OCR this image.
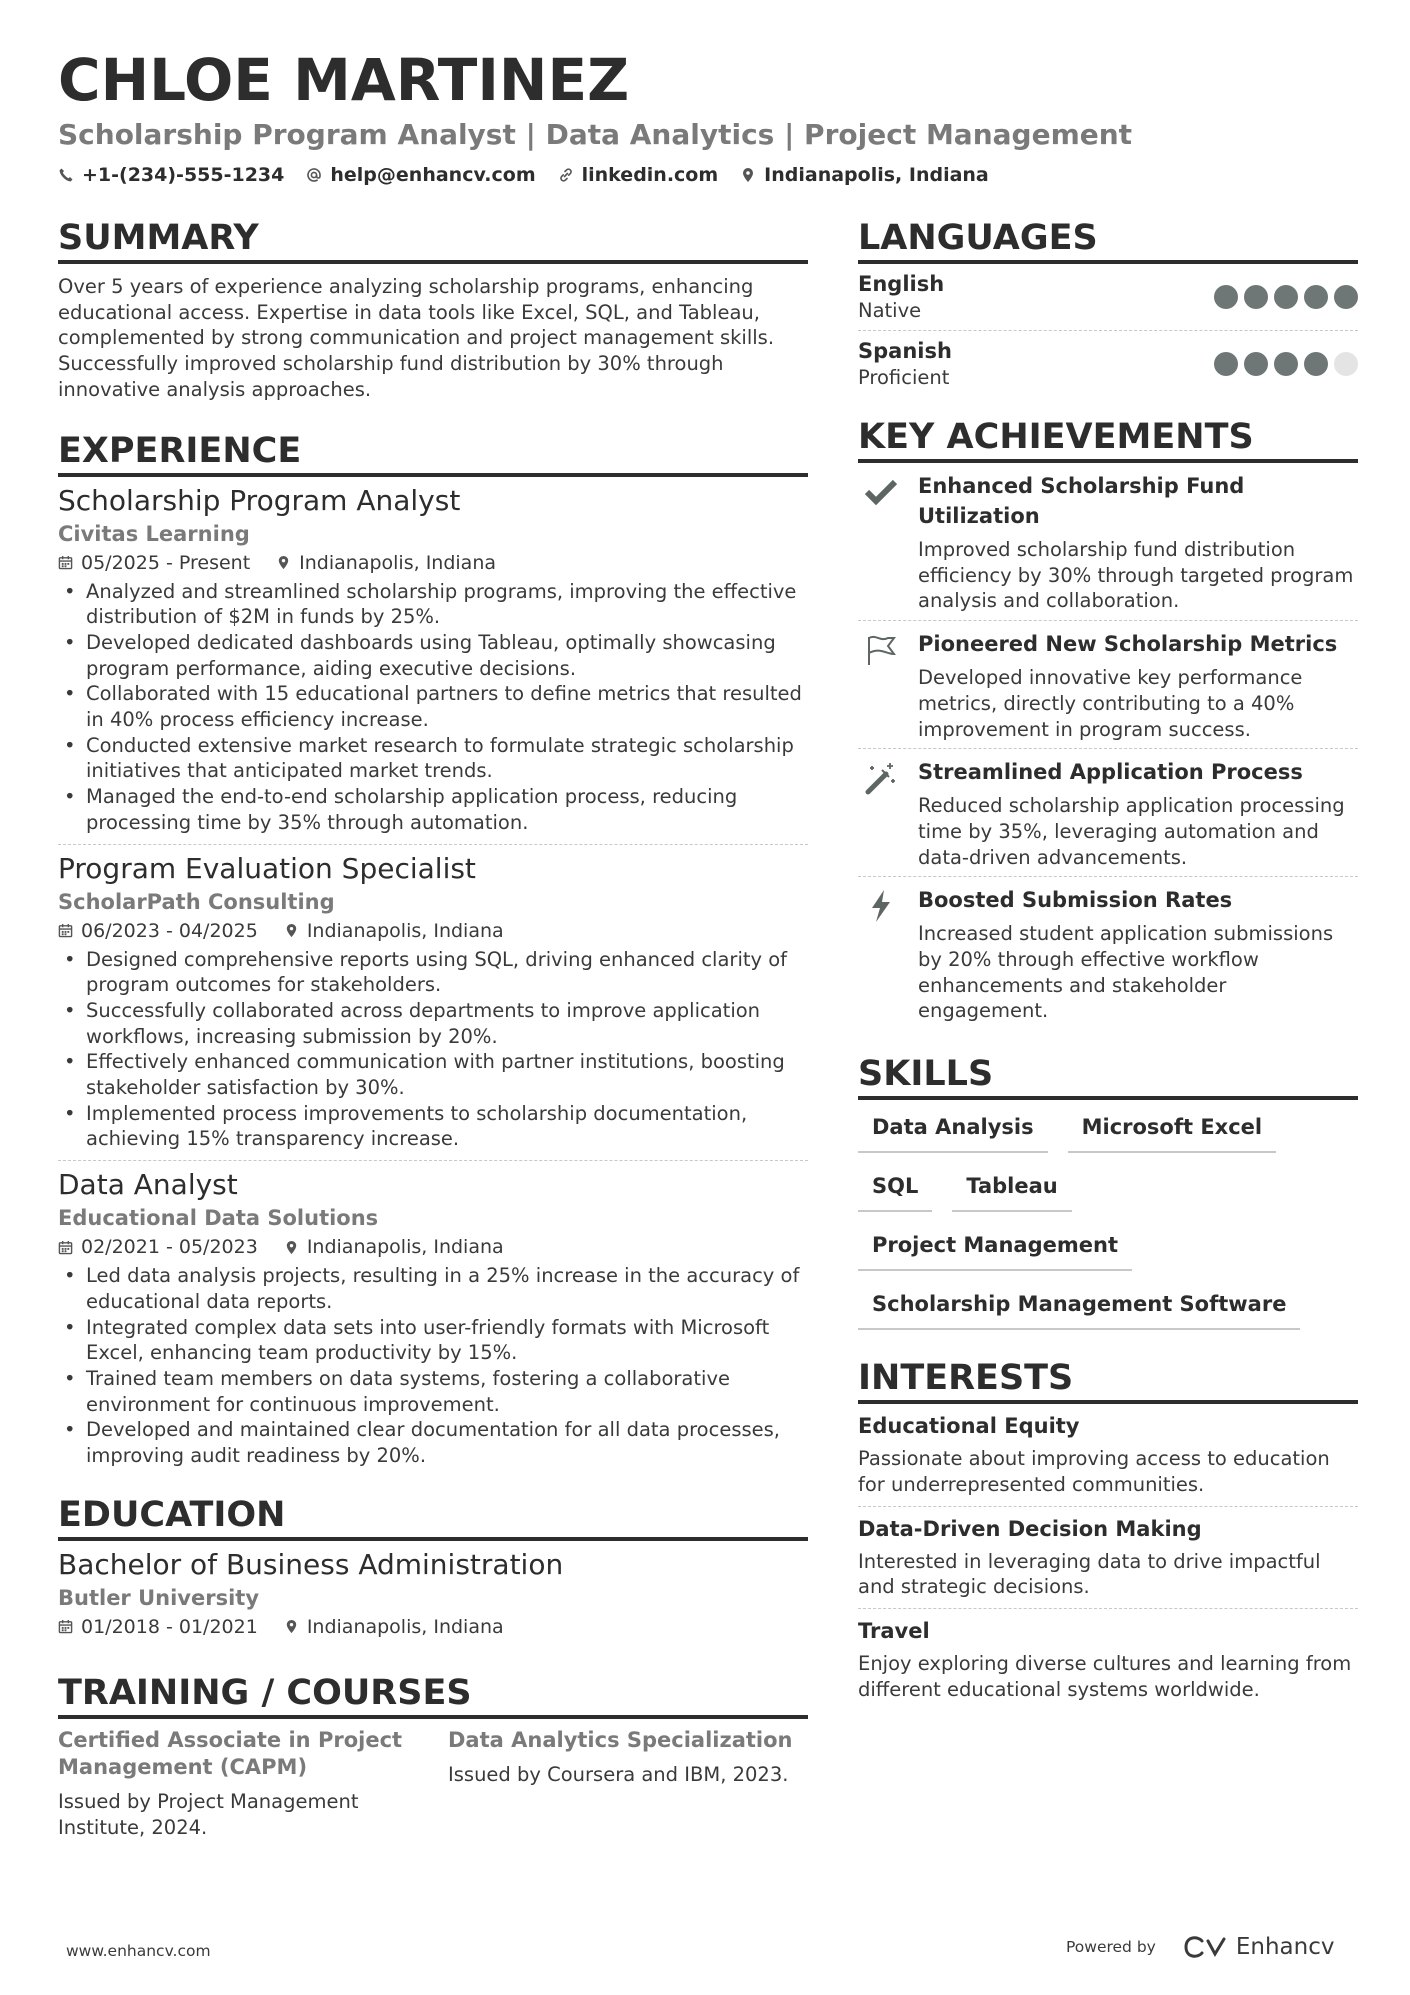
CHLOE MARTINEZ
Scholarship Program Analyst | Data Analytics | Project Management
+1-(234)-555-1234 help@enhancv.com linkedin.com Indianapolis, Indiana
SUMMARY
Over 5 years of experience analyzing scholarship programs, enhancing educational access. Expertise in data tools like Excel, SQL, and Tableau, complemented by strong communication and project management skills. Successfully improved scholarship fund distribution by 30% through innovative analysis approaches.
EXPERIENCE
Scholarship Program Analyst
Civitas Learning
05/2025 - Present	Indianapolis, Indiana
• Analyzed and streamlined scholarship programs, improving the effective distribution of $2M in funds by 25%.
• Developed dedicated dashboards using Tableau, optimally showcasing program performance, aiding executive decisions.
• Collaborated with 15 educational partners to define metrics that resulted in 40% process efficiency increase.
• Conducted extensive market research to formulate strategic scholarship initiatives that anticipated market trends.
• Managed the end-to-end scholarship application process, reducing processing time by 35% through automation.
Program Evaluation Specialist
ScholarPath Consulting
06/2023 - 04/2025	Indianapolis, Indiana
• Designed comprehensive reports using SQL, driving enhanced clarity of program outcomes for stakeholders.
• Successfully collaborated across departments to improve application workflows, increasing submission by 20%.
• Effectively enhanced communication with partner institutions, boosting stakeholder satisfaction by 30%.
• Implemented process improvements to scholarship documentation, achieving 15% transparency increase.
Data Analyst
Educational Data Solutions
02/2021 - 05/2023	Indianapolis, Indiana
• Led data analysis projects, resulting in a 25% increase in the accuracy of educational data reports.
• Integrated complex data sets into user-friendly formats with Microsoft Excel, enhancing team productivity by 15%.
• Trained team members on data systems, fostering a collaborative environment for continuous improvement.
• Developed and maintained clear documentation for all data processes, improving audit readiness by 20%.
EDUCATION
Bachelor of Business Administration
Butler University
01/2018 - 01/2021	Indianapolis, Indiana
TRAINING / COURSES
Certified Associate in Project Management (CAPM)
Issued by Project Management Institute, 2024.
Data Analytics Specialization
Issued by Coursera and IBM, 2023.
LANGUAGES
English
Native
Spanish
Proficient
KEY ACHIEVEMENTS
Enhanced Scholarship Fund Utilization
Improved scholarship fund distribution efficiency by 30% through targeted program analysis and collaboration.
Pioneered New Scholarship Metrics
Developed innovative key performance metrics, directly contributing to a 40% improvement in program success.
Streamlined Application Process
Reduced scholarship application processing time by 35%, leveraging automation and data-driven advancements.
Boosted Submission Rates
Increased student application submissions by 20% through effective workflow enhancements and stakeholder engagement.
SKILLS
Data Analysis	Microsoft Excel
SQL	Tableau
Project Management
Scholarship Management Software
INTERESTS
Educational Equity
Passionate about improving access to education for underrepresented communities.
Data-Driven Decision Making
Interested in leveraging data to drive impactful and strategic decisions.
Travel
Enjoy exploring diverse cultures and learning from different educational systems worldwide.
www.enhancv.com	Powered by	Enhancv
